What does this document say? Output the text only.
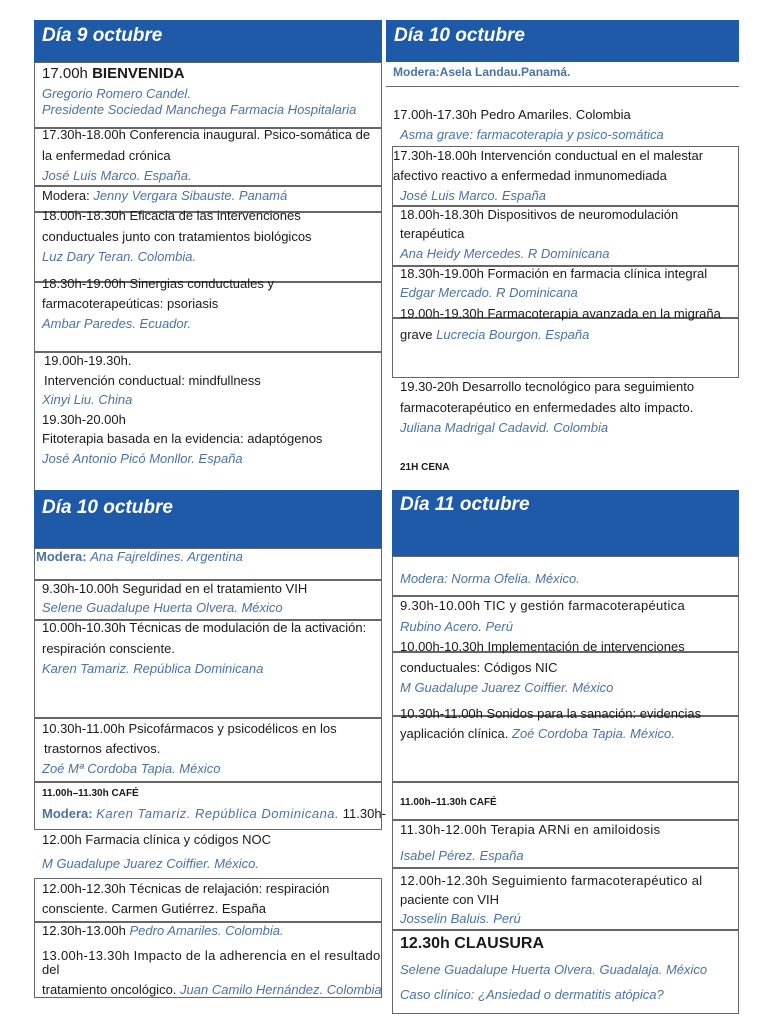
Día 9 octubre
17.00h BIENVENIDA
Gregorio Romero Candel.
Presidente Sociedad Manchega Farmacia Hospitalaria
17.30h-18.00h Conferencia inaugural. Psico-somática de
la enfermedad crónica
José Luis Marco. España.
Modera: Jenny Vergara Sibauste. Panamá
18.00h-18.30h Eficacia de las intervenciones
conductuales junto con tratamientos biológicos
Luz Dary Teran. Colombia.
18.30h-19.00h Sinergias conductuales y
farmacoterapeúticas: psoriasis
Ambar Paredes. Ecuador.
19.00h-19.30h.
Intervención conductual: mindfullness
Xinyi Liu. China
19.30h-20.00h
Fitoterapia basada en la evidencia: adaptógenos
José Antonio Picó Monllor. España
Día 10 octubre
Modera:Asela Landau.Panamá.
17.00h-17.30h Pedro Amariles. Colombia
Asma grave: farmacoterapia y psico-somática
17.30h-18.00h Intervención conductual en el malestar
afectivo reactivo a enfermedad inmunomediada
José Luis Marco. España
18.00h-18.30h Dispositivos de neuromodulación
terapéutica
Ana Heidy Mercedes. R Dominicana
18.30h-19.00h Formación en farmacia clínica integral
Edgar Mercado. R Dominicana
19.00h-19.30h Farmacoterapia avanzada en la migraña
grave Lucrecia Bourgon. España
19.30-20h Desarrollo tecnológico para seguimiento
farmacoterapéutico en enfermedades alto impacto.
Juliana Madrigal Cadavid. Colombia
21H CENA
Día 10 octubre
Modera: Ana Fajreldines. Argentina
9.30h-10.00h Seguridad en el tratamiento VIH
Selene Guadalupe Huerta Olvera. México
10.00h-10.30h Técnicas de modulación de la activación:
respiración consciente.
Karen Tamariz. República Dominicana
10.30h-11.00h Psicofármacos y psicodélicos en los
trastornos afectivos.
Zoé Mª Cordoba Tapia. México
11.00h–11.30h CAFÉ
Modera: Karen Tamariz. República Dominicana. 11.30h-
12.00h Farmacia clínica y códigos NOC
M Guadalupe Juarez Coiffier. México.
12.00h-12.30h Técnicas de relajación: respiración
consciente. Carmen Gutiérrez. España
12.30h-13.00h Pedro Amariles. Colombia.
13.00h-13.30h Impacto de la adherencia en el resultado
del
tratamiento oncológico. Juan Camilo Hernández. Colombia
Día 11 octubre
Modera: Norma Ofelia. México.
9.30h-10.00h TIC y gestión farmacoterapéutica
Rubino Acero. Perú
10.00h-10.30h Implementación de intervenciones
conductuales: Códigos NIC
M Guadalupe Juarez Coiffier. México
10.30h-11.00h Sonidos para la sanación: evidencias
yaplicación clínica. Zoé Cordoba Tapia. México.
11.00h–11.30h CAFÉ
11.30h-12.00h Terapia ARNi en amiloidosis
Isabel Pérez. España
12.00h-12.30h Seguimiento farmacoterapéutico al
paciente con VIH
Josselin Baluis. Perú
12.30h CLAUSURA
Selene Guadalupe Huerta Olvera. Guadalaja. México
Caso clínico: ¿Ansiedad o dermatitis atópica?
